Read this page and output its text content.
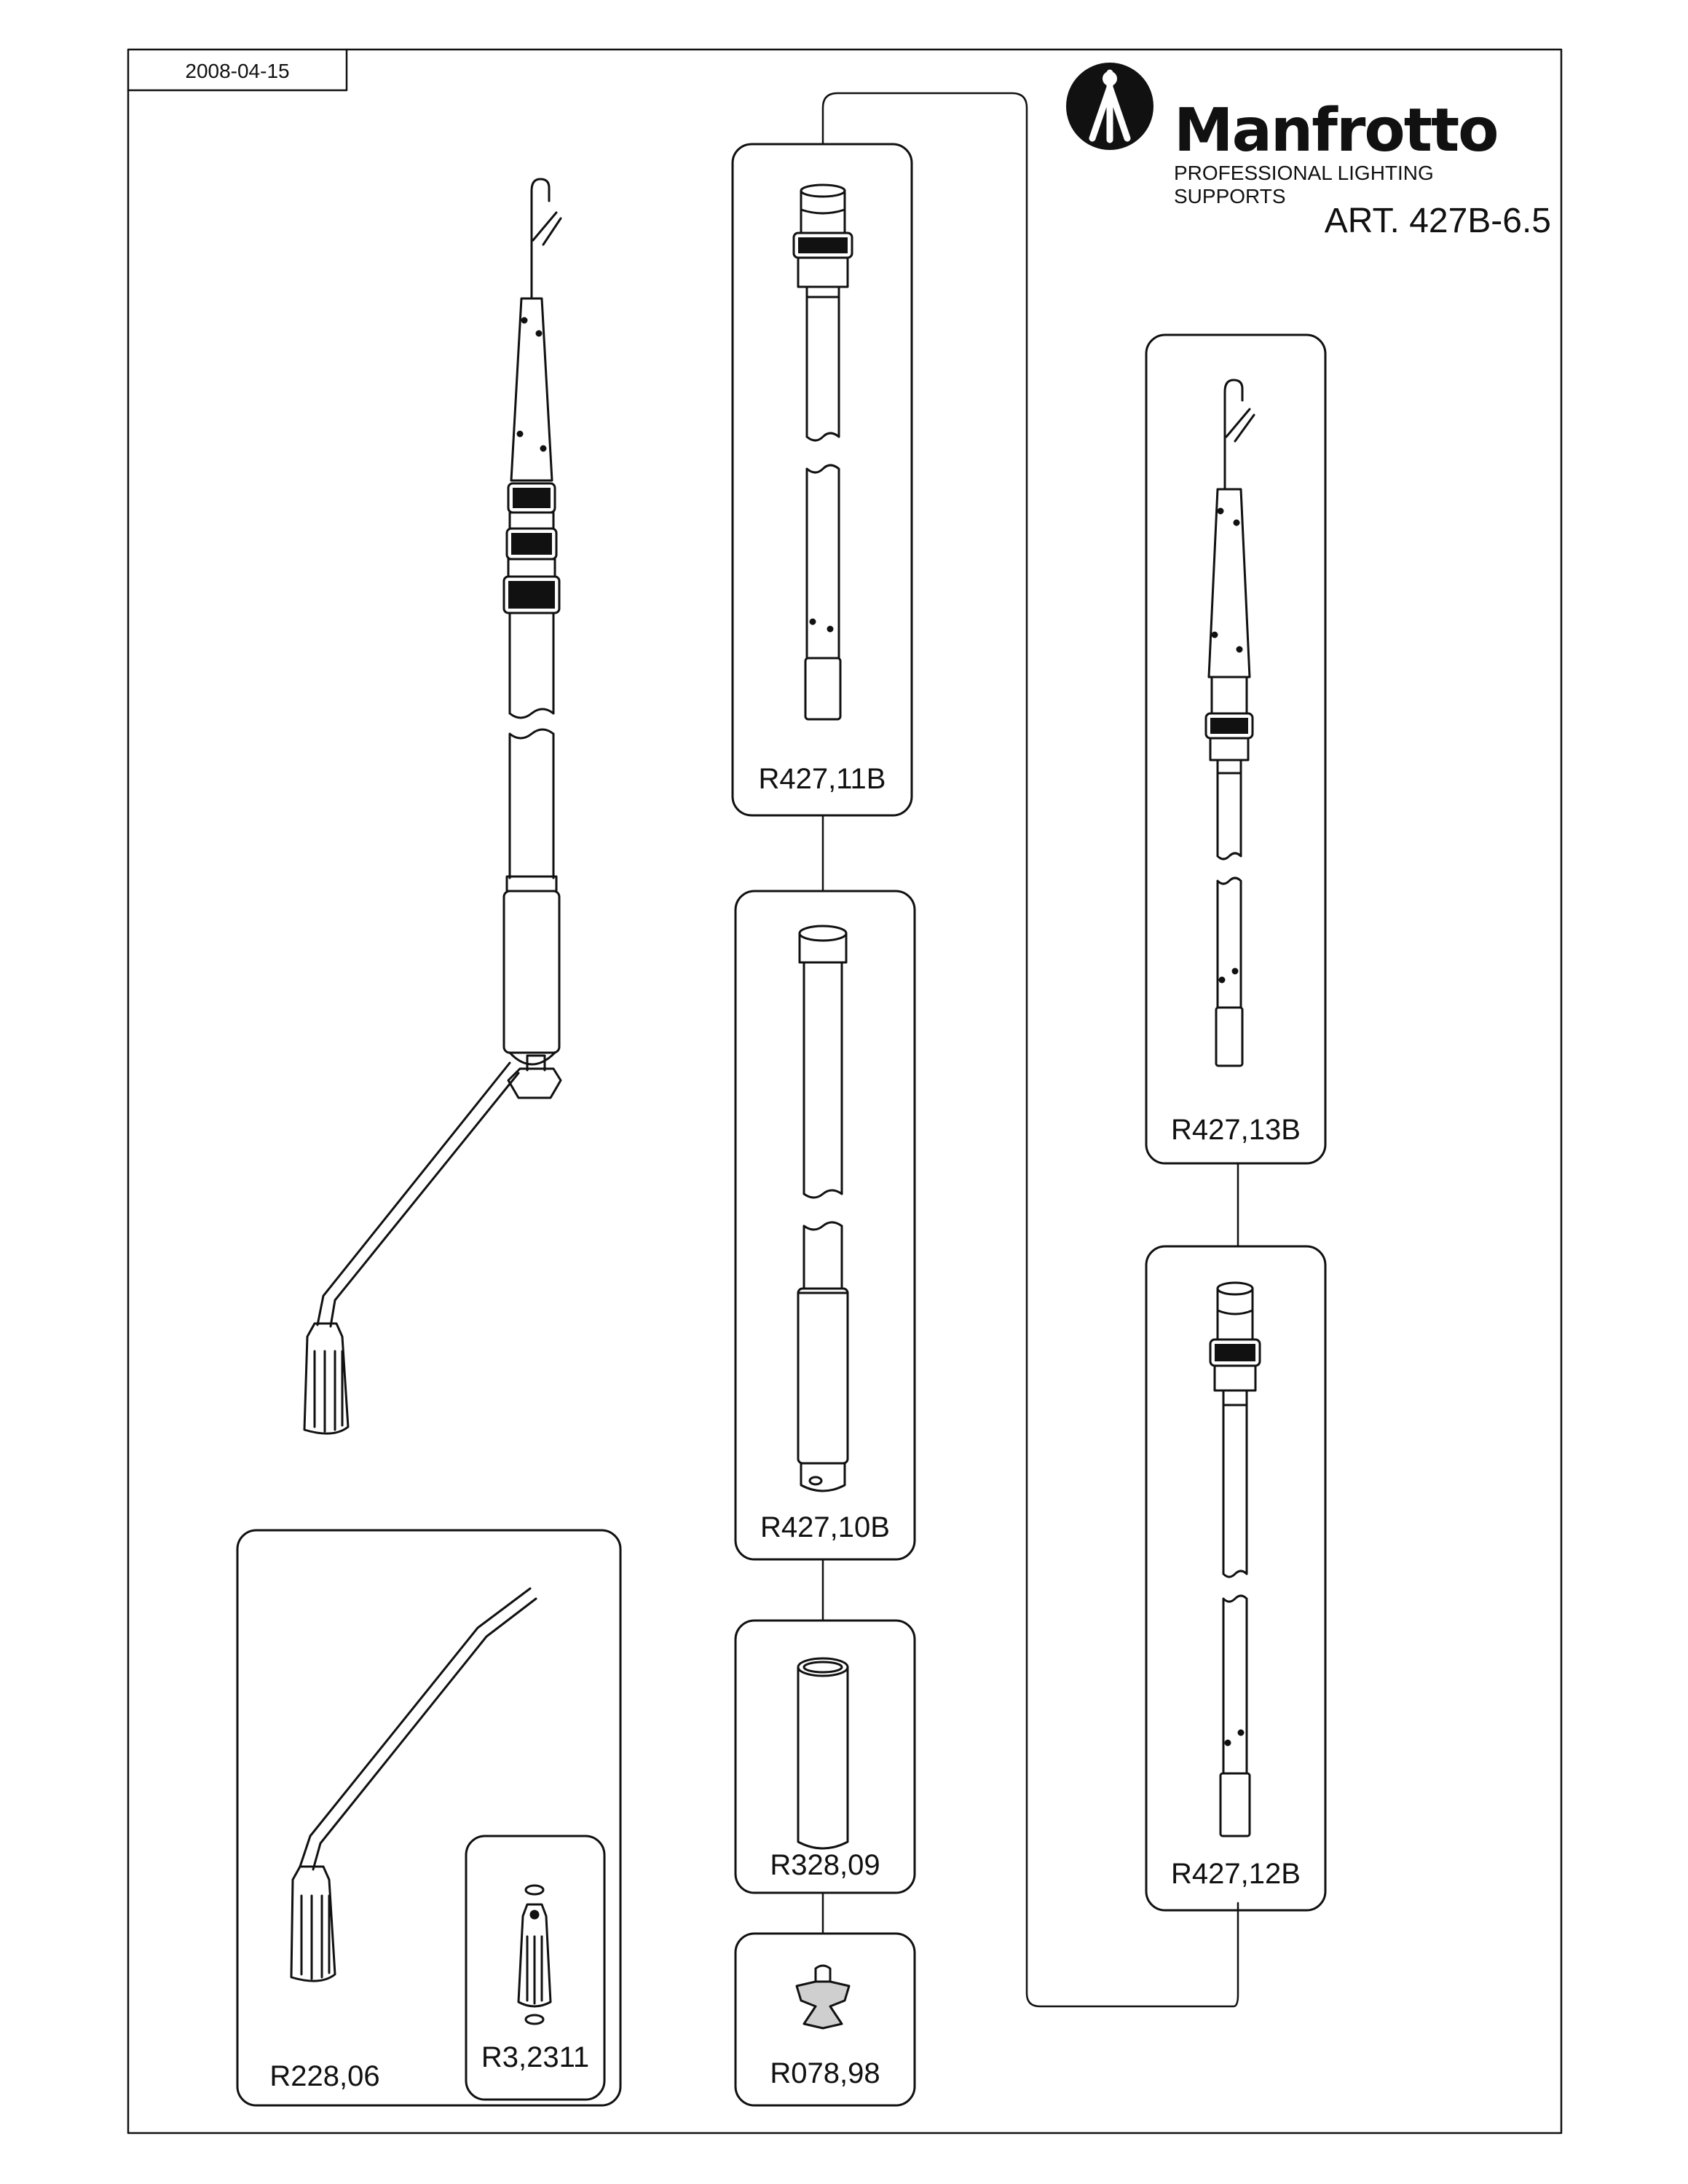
2008-04-15
Manfrotto
PROFESSIONAL LIGHTING SUPPORTS
ART. 427B-6.5
R427,11B
R427,10B
R328,09
R078,98
R427,13B
R427,12B
R228,06
R3,2311
